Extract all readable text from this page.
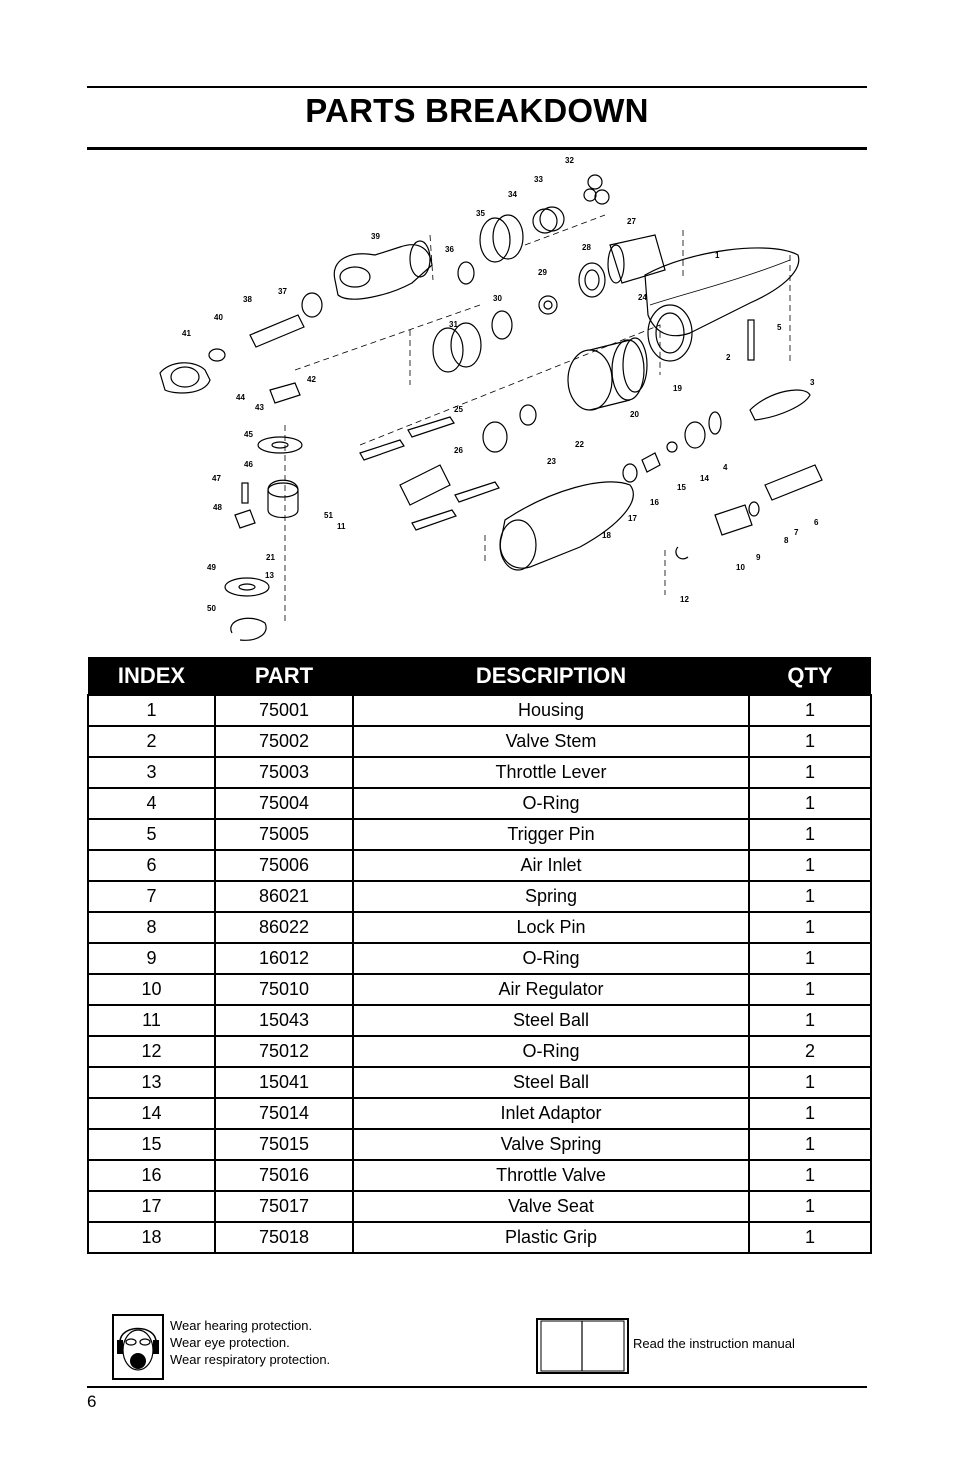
PARTS BREAKDOWN
1
2
3
4
5
6
7
8
9
10
11
12
13
14
15
16
17
18
19
20
21
22
23
24
25
26
27
28
29
30
31
32
33
34
35
36
37
38
39
40
41
42
43
44
45
46
47
48
49
50
51
INDEX	PART	DESCRIPTION	QTY
1	75001	Housing	1
2	75002	Valve Stem	1
3	75003	Throttle Lever	1
4	75004	O-Ring	1
5	75005	Trigger Pin	1
6	75006	Air Inlet	1
7	86021	Spring	1
8	86022	Lock Pin	1
9	16012	O-Ring	1
10	75010	Air Regulator	1
11	15043	Steel Ball	1
12	75012	O-Ring	2
13	15041	Steel Ball	1
14	75014	Inlet Adaptor	1
15	75015	Valve Spring	1
16	75016	Throttle Valve	1
17	75017	Valve Seat	1
18	75018	Plastic Grip	1
Wear hearing protection.
Wear eye protection.
Wear respiratory protection.
Read the instruction manual
6
